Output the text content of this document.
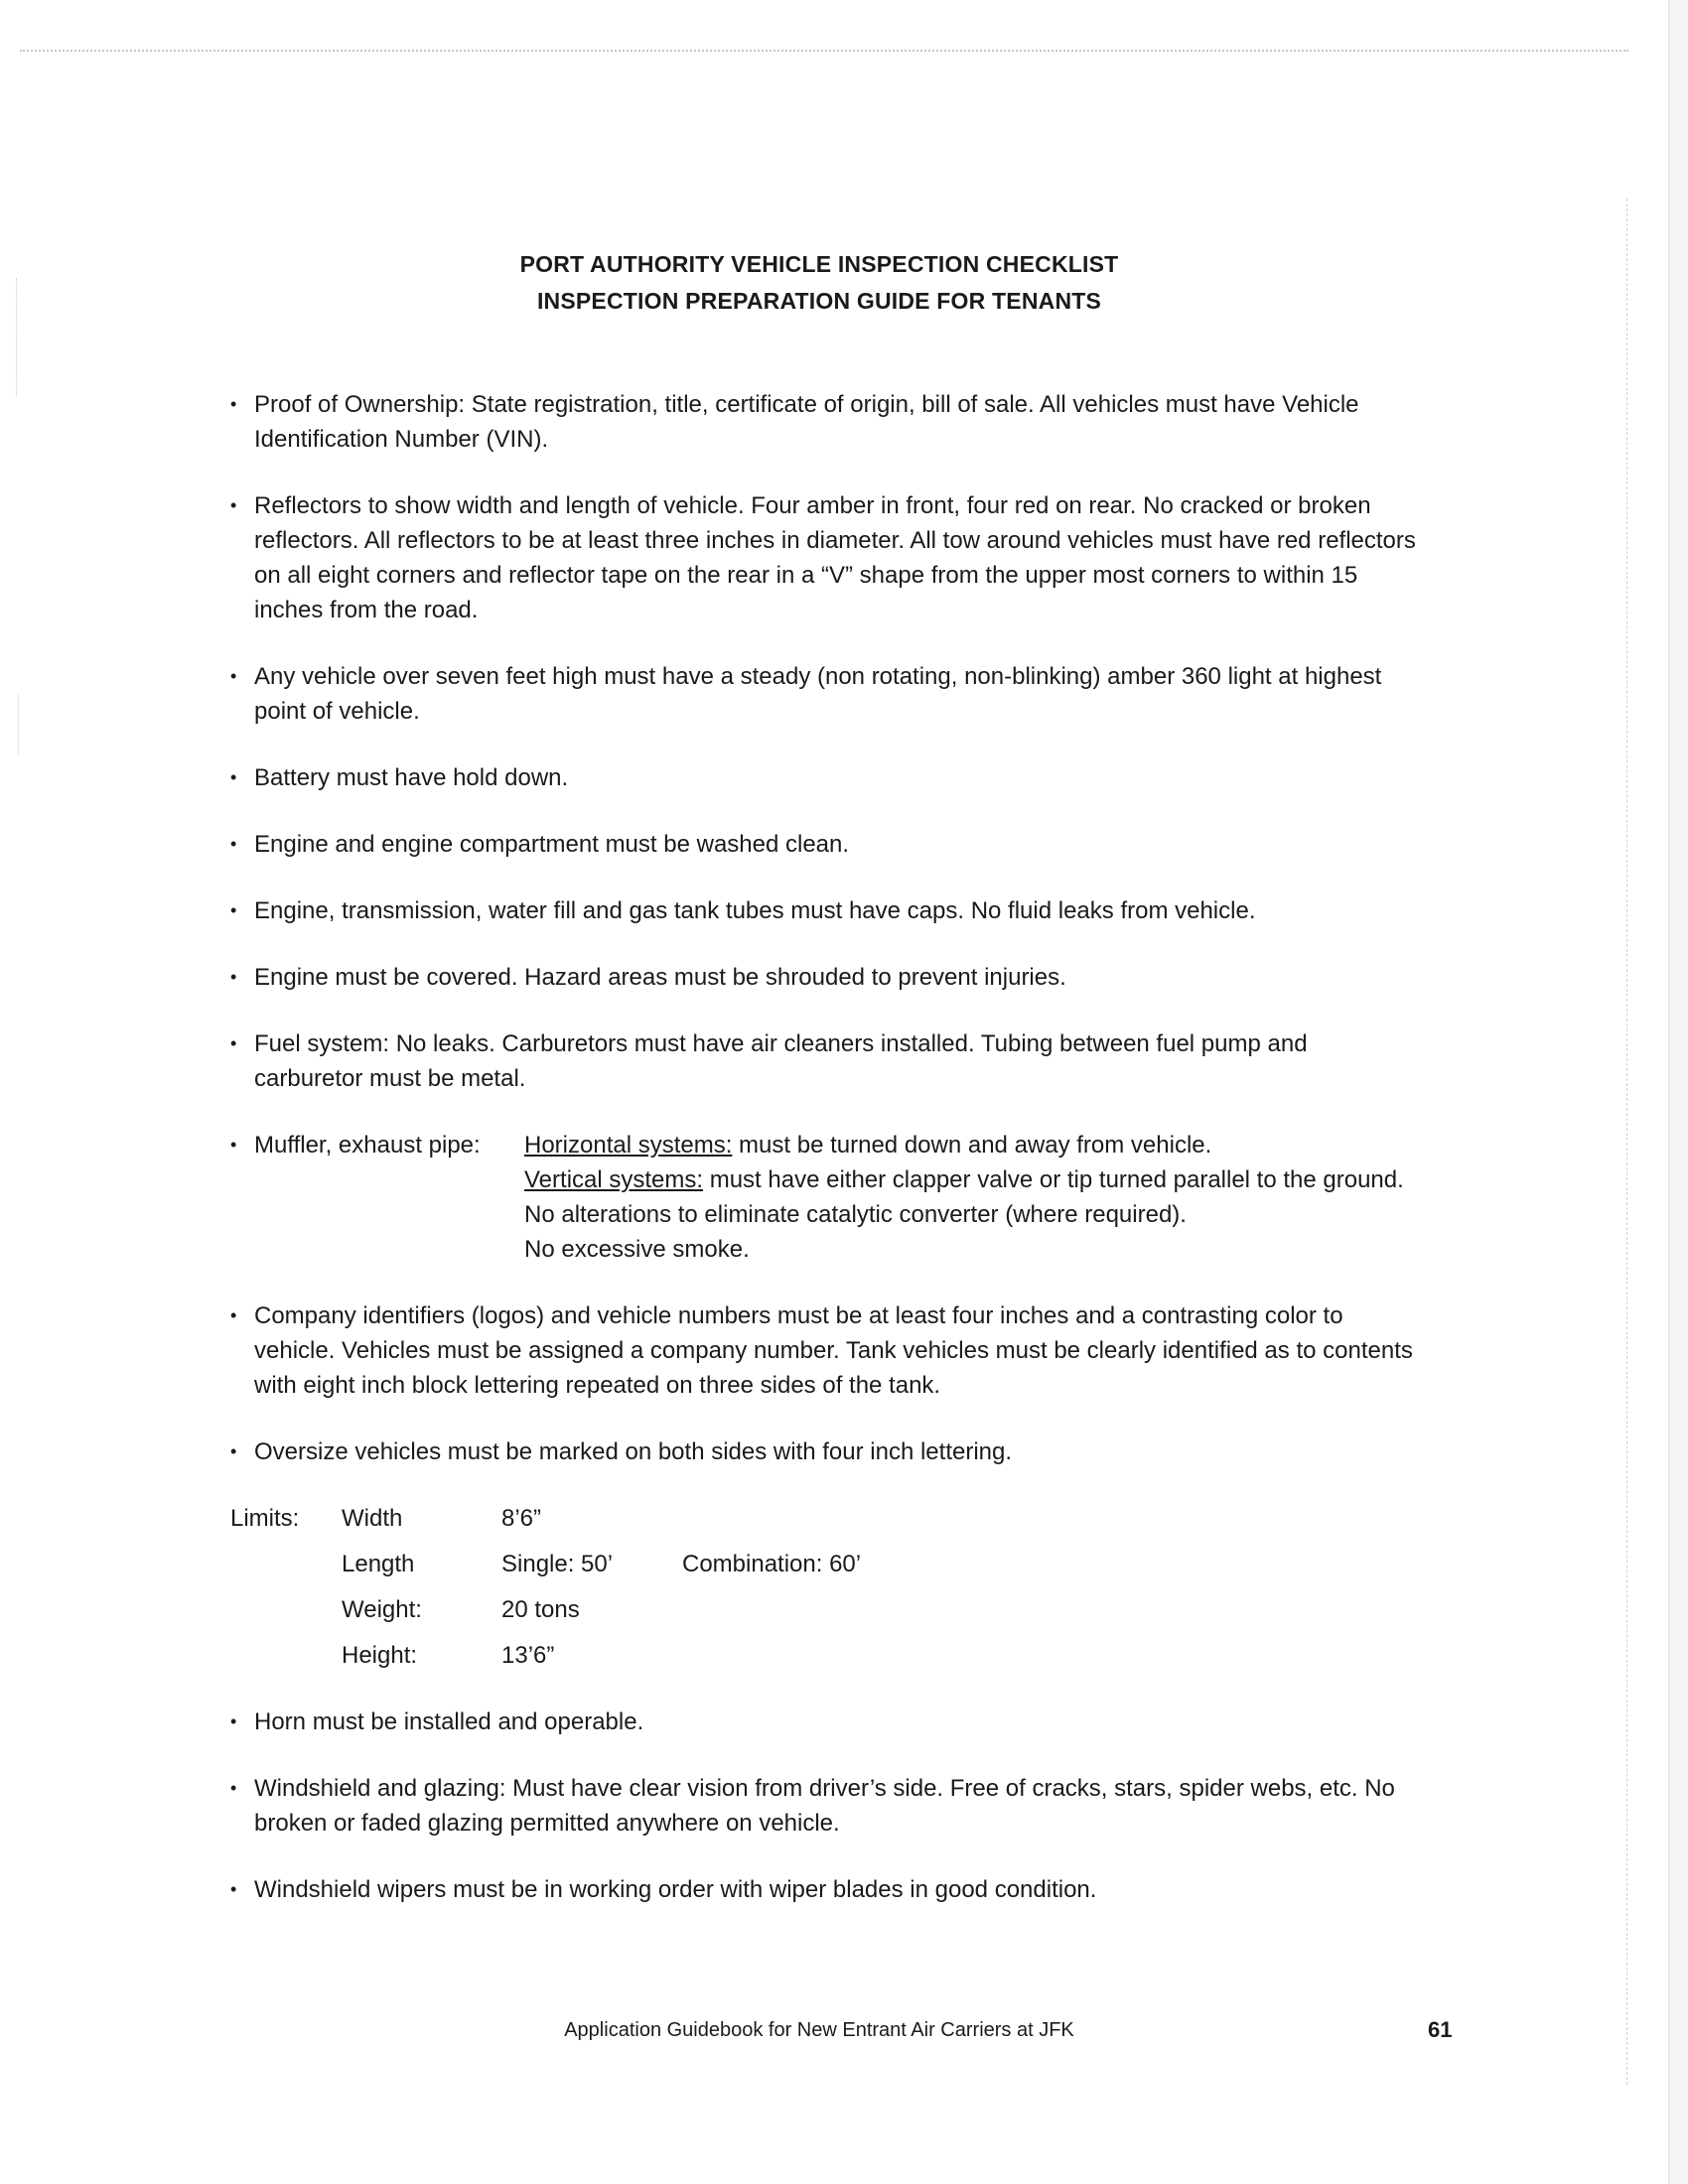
PORT AUTHORITY VEHICLE INSPECTION CHECKLIST
INSPECTION PREPARATION GUIDE FOR TENANTS
• Proof of Ownership: State registration, title, certificate of origin, bill of sale. All vehicles must have Vehicle Identification Number (VIN).
• Reflectors to show width and length of vehicle. Four amber in front, four red on rear. No cracked or broken reflectors. All reflectors to be at least three inches in diameter. All tow around vehicles must have red reflectors on all eight corners and reflector tape on the rear in a “V” shape from the upper most corners to within 15 inches from the road.
• Any vehicle over seven feet high must have a steady (non rotating, non-blinking) amber 360 light at highest point of vehicle.
• Battery must have hold down.
• Engine and engine compartment must be washed clean.
• Engine, transmission, water fill and gas tank tubes must have caps. No fluid leaks from vehicle.
• Engine must be covered. Hazard areas must be shrouded to prevent injuries.
• Fuel system: No leaks. Carburetors must have air cleaners installed. Tubing between fuel pump and carburetor must be metal.
• Muffler, exhaust pipe:	Horizontal systems: must be turned down and away from vehicle.
Vertical systems: must have either clapper valve or tip turned parallel to the ground.
No alterations to eliminate catalytic converter (where required).
No excessive smoke.
• Company identifiers (logos) and vehicle numbers must be at least four inches and a contrasting color to vehicle. Vehicles must be assigned a company number. Tank vehicles must be clearly identified as to contents with eight inch block lettering repeated on three sides of the tank.
• Oversize vehicles must be marked on both sides with four inch lettering.
Limits:	Width	8’6”
Length	Single: 50’	Combination: 60’
Weight:	20 tons
Height:	13’6”
• Horn must be installed and operable.
• Windshield and glazing: Must have clear vision from driver’s side. Free of cracks, stars, spider webs, etc. No broken or faded glazing permitted anywhere on vehicle.
• Windshield wipers must be in working order with wiper blades in good condition.
Application Guidebook for New Entrant Air Carriers at JFK	61
